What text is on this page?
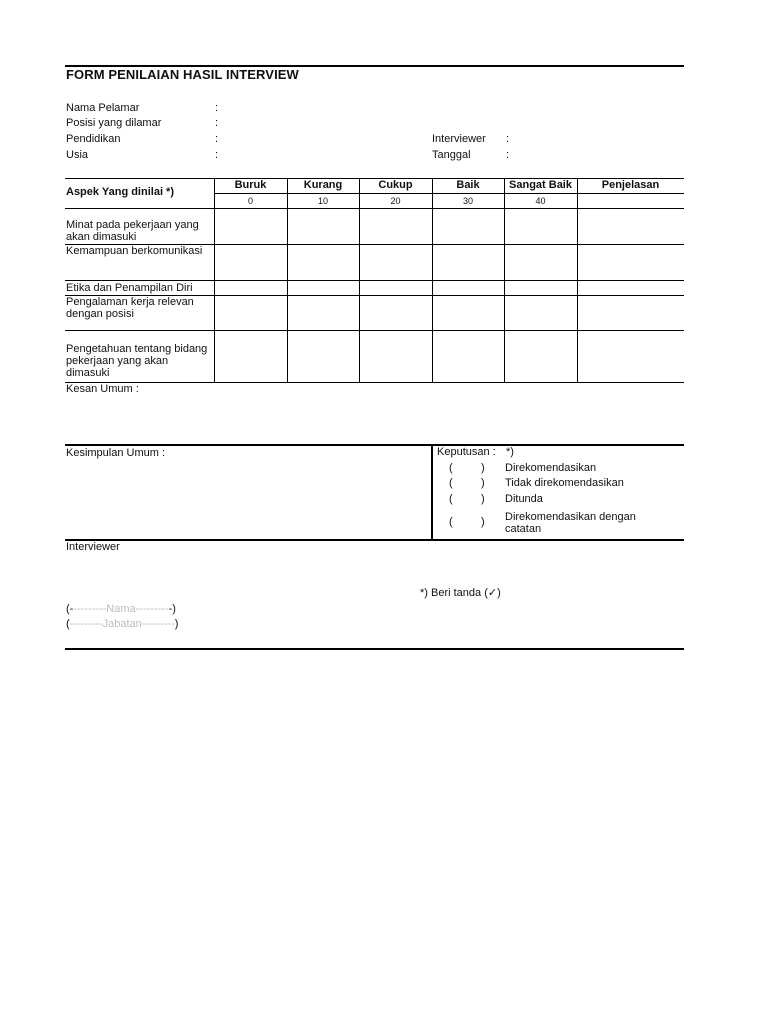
FORM PENILAIAN HASIL INTERVIEW
Nama Pelamar	:
Posisi yang dilamar	:
Pendidikan	:
Usia	:
Interviewer :
Tanggal	:
Aspek Yang dinilai *)
Buruk	Kurang	Cukup	Baik	Sangat Baik	Penjelasan
0	10	20	30	40
Minat pada pekerjaan yang akan dimasuki
Kemampuan berkomunikasi
Etika dan Penampilan Diri
Pengalaman kerja relevan dengan posisi
Pengetahuan tentang bidang pekerjaan yang akan dimasuki
Kesan Umum :
Kesimpulan Umum :	Keputusan : *)
(	) Direkomendasikan
(	) Tidak direkomendasikan
(	) Ditunda
(	) Direkomendasikan dengan catatan
Interviewer
*) Beri tanda (✓)
(----------Nama----------)
(---------Jabatan---------)
